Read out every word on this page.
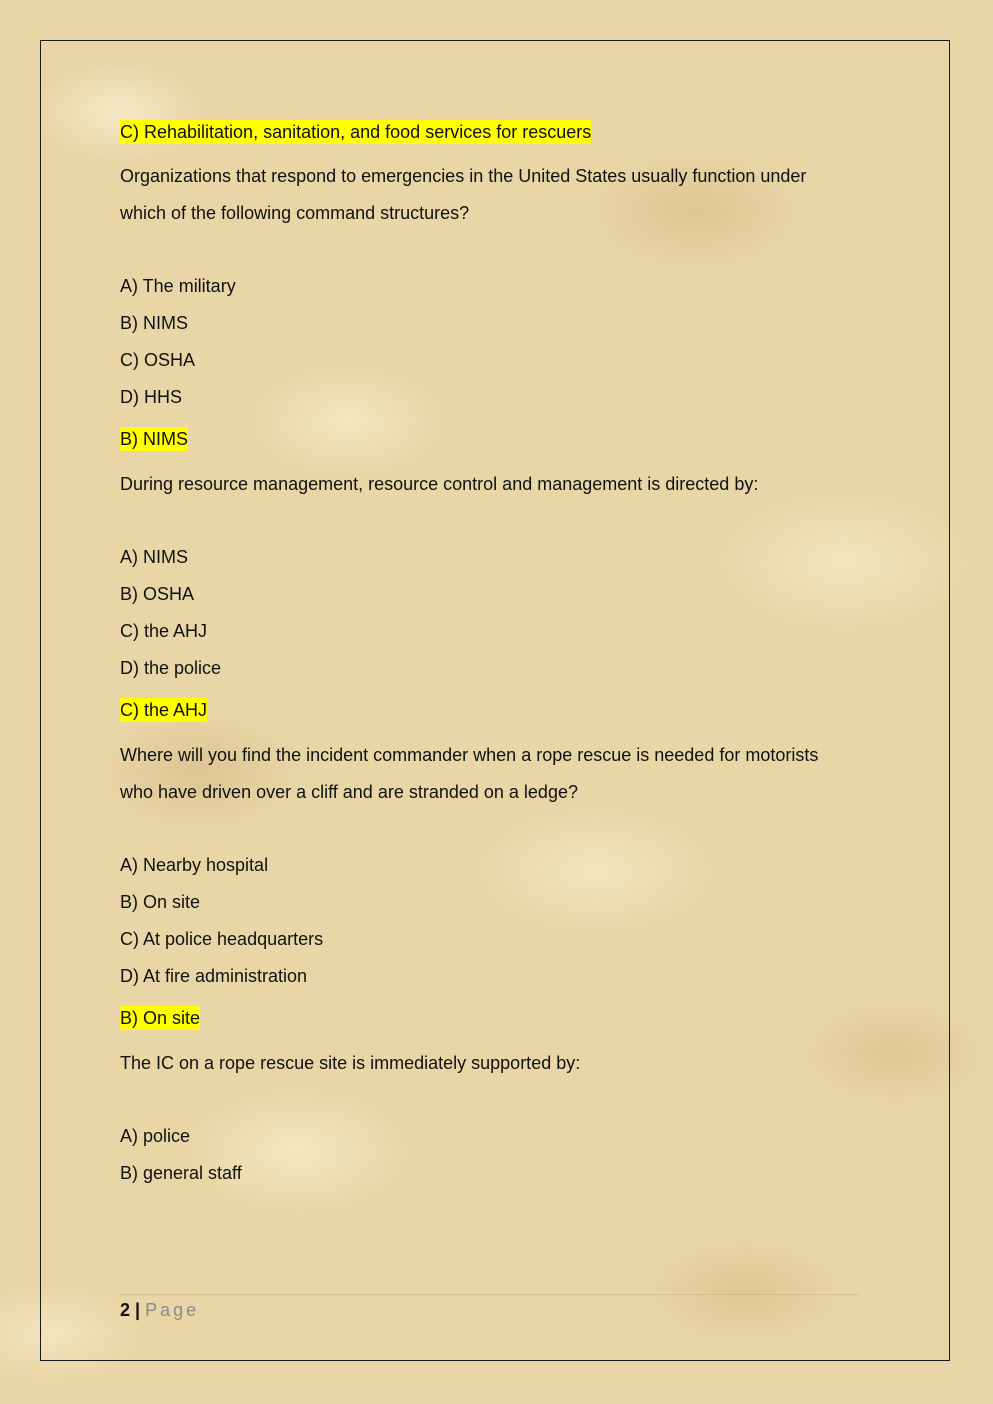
C) Rehabilitation, sanitation, and food services for rescuers

Organizations that respond to emergencies in the United States usually function under

which of the following command structures?

A) The military

B) NIMS

C) OSHA

D) HHS

B) NIMS

During resource management, resource control and management is directed by:

A) NIMS

B) OSHA

C) the AHJ

D) the police

C) the AHJ

Where will you find the incident commander when a rope rescue is needed for motorists

who have driven over a cliff and are stranded on a ledge?

A) Nearby hospital

B) On site

C) At police headquarters

D) At fire administration

B) On site

The IC on a rope rescue site is immediately supported by:

A) police

B) general staff

2 | Page
